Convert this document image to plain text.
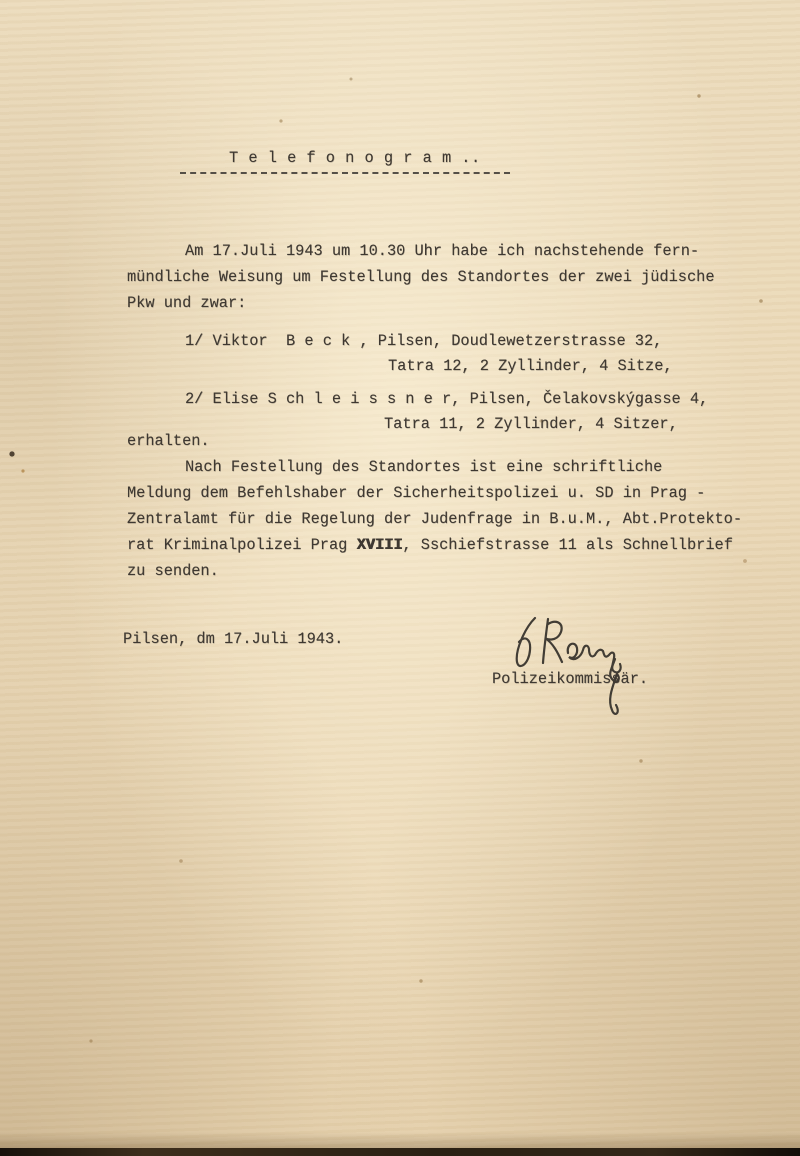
T e l e f o n o g r a m ..
Am 17.Juli 1943 um 10.30 Uhr habe ich nachstehende fern-
mündliche Weisung um Festellung des Standortes der zwei jüdische
Pkw und zwar:
1/ Viktor  B e c k , Pilsen, Doudlewetzerstrasse 32,
Tatra 12, 2 Zyllinder, 4 Sitze,
2/ Elise S ch l e i s s n e r, Pilsen, Čelakovskýgasse 4,
Tatra 11, 2 Zyllinder, 4 Sitzer,
erhalten.
Nach Festellung des Standortes ist eine schriftliche
Meldung dem Befehlshaber der Sicherheitspolizei u. SD in Prag -
Zentralamt für die Regelung der Judenfrage in B.u.M., Abt.Protekto-
rat Kriminalpolizei Prag XVIII, Sschiefstrasse 11 als Schnellbrief
zu senden.
Pilsen, dm 17.Juli 1943.
Polizeikommissär.
